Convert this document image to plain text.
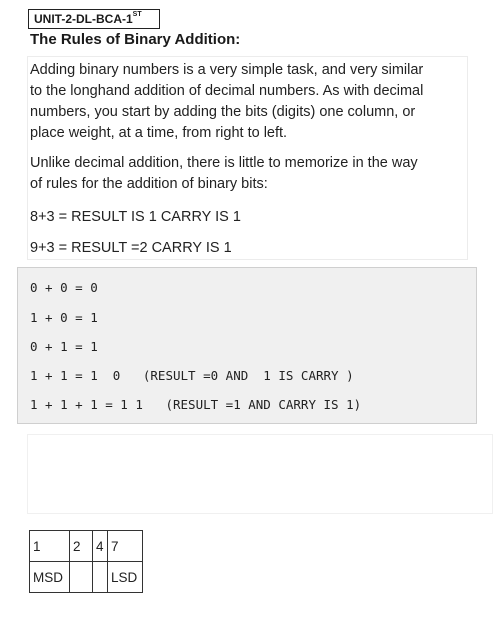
UNIT-2-DL-BCA-1ST
The Rules of Binary Addition:
Adding binary numbers is a very simple task, and very similar
to the longhand addition of decimal numbers. As with decimal
numbers, you start by adding the bits (digits) one column, or
place weight, at a time, from right to left.
Unlike decimal addition, there is little to memorize in the way
of rules for the addition of binary bits:
8+3 = RESULT IS 1 CARRY IS 1
9+3 = RESULT =2 CARRY IS 1
0 + 0 = 0
1 + 0 = 1
0 + 1 = 1
1 + 1 = 1  0   (RESULT =0 AND  1 IS CARRY )
1 + 1 + 1 = 1 1   (RESULT =1 AND CARRY IS 1)
1	2	4	7
MSD			LSD
